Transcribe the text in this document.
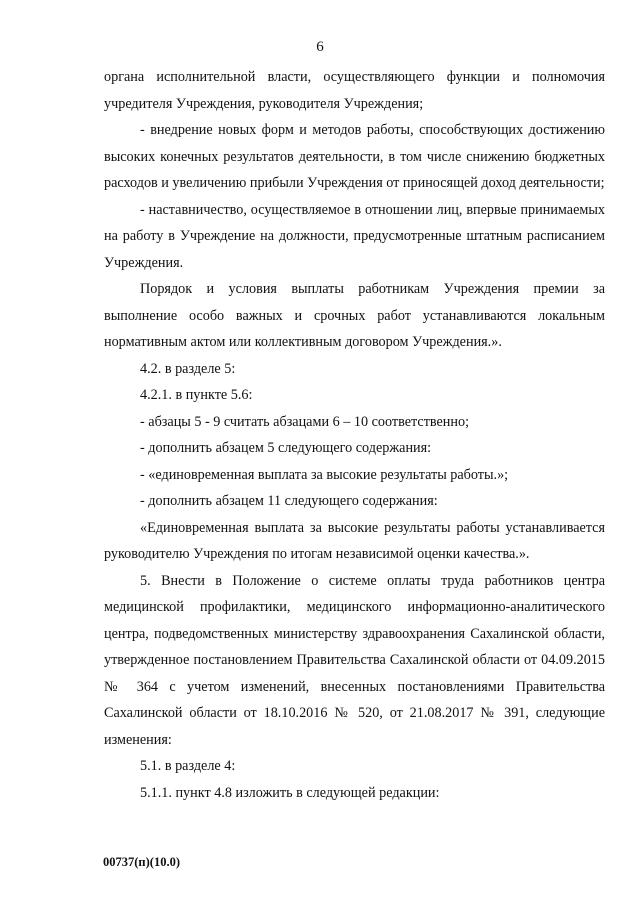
6

органа исполнительной власти, осуществляющего функции и полномочия учредителя Учреждения, руководителя Учреждения;

- внедрение новых форм и методов работы, способствующих достижению высоких конечных результатов деятельности, в том числе снижению бюджетных расходов и увеличению прибыли Учреждения от приносящей доход деятельности;

- наставничество, осуществляемое в отношении лиц, впервые принимаемых на работу в Учреждение на должности, предусмотренные штатным расписанием Учреждения.

Порядок и условия выплаты работникам Учреждения премии за выполнение особо важных и срочных работ устанавливаются локальным нормативным актом или коллективным договором Учреждения.».

4.2. в разделе 5:

4.2.1. в пункте 5.6:

- абзацы 5 - 9 считать абзацами 6 – 10 соответственно;

- дополнить абзацем 5 следующего содержания:

- «единовременная выплата за высокие результаты работы.»;

- дополнить абзацем 11 следующего содержания:

«Единовременная выплата за высокие результаты работы устанавливается руководителю Учреждения по итогам независимой оценки качества.».

5. Внести в Положение о системе оплаты труда работников центра медицинской профилактики, медицинского информационно-аналитического центра, подведомственных министерству здравоохранения Сахалинской области, утвержденное постановлением Правительства Сахалинской области от 04.09.2015 № 364 с учетом изменений, внесенных постановлениями Правительства Сахалинской области от 18.10.2016 № 520, от 21.08.2017 № 391, следующие изменения:

5.1. в разделе 4:

5.1.1. пункт 4.8 изложить в следующей редакции:

00737(п)(10.0)
